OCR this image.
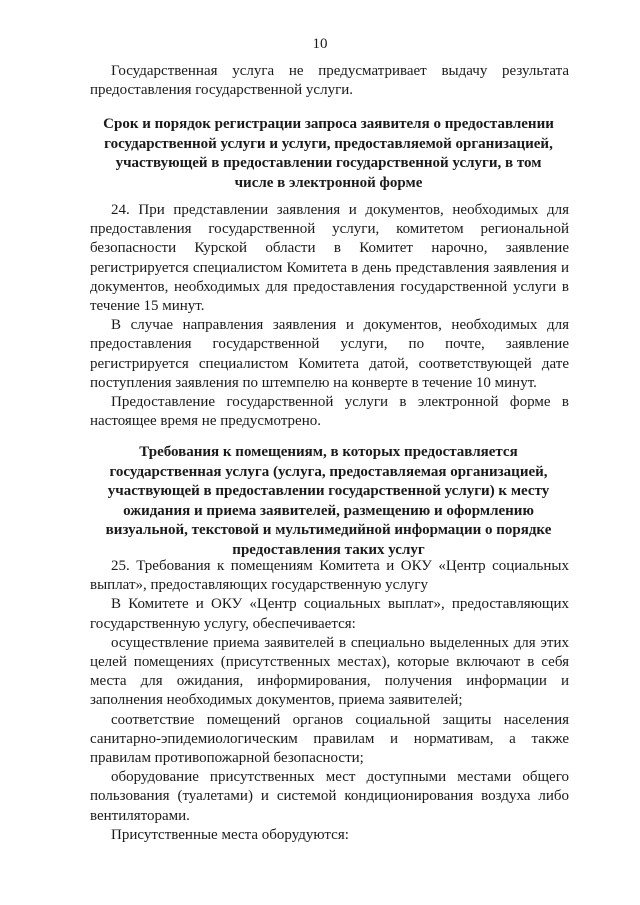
10

Государственная услуга не предусматривает выдачу результата предоставления государственной услуги.

Срок и порядок регистрации запроса заявителя о предоставлении государственной услуги и услуги, предоставляемой организацией, участвующей в предоставлении государственной услуги, в том числе в электронной форме

24. При представлении заявления и документов, необходимых для предоставления государственной услуги, комитетом региональной безопасности Курской области в Комитет нарочно, заявление регистрируется специалистом Комитета в день представления заявления и документов, необходимых для предоставления государственной услуги в течение 15 минут.

В случае направления заявления и документов, необходимых для предоставления государственной услуги, по почте, заявление регистрируется специалистом Комитета датой, соответствующей дате поступления заявления по штемпелю на конверте в течение 10 минут.

Предоставление государственной услуги в электронной форме в настоящее время не предусмотрено.

Требования к помещениям, в которых предоставляется государственная услуга (услуга, предоставляемая организацией, участвующей в предоставлении государственной услуги) к месту ожидания и приема заявителей, размещению и оформлению визуальной, текстовой и мультимедийной информации о порядке предоставления таких услуг

25. Требования к помещениям Комитета и ОКУ «Центр социальных выплат», предоставляющих государственную услугу

В Комитете и ОКУ «Центр социальных выплат», предоставляющих государственную услугу, обеспечивается:

осуществление приема заявителей в специально выделенных для этих целей помещениях (присутственных местах), которые включают в себя места для ожидания, информирования, получения информации и заполнения необходимых документов, приема заявителей;

соответствие помещений органов социальной защиты населения санитарно-эпидемиологическим правилам и нормативам, а также правилам противопожарной безопасности;

оборудование присутственных мест доступными местами общего пользования (туалетами) и системой кондиционирования воздуха либо вентиляторами.

Присутственные места оборудуются:
